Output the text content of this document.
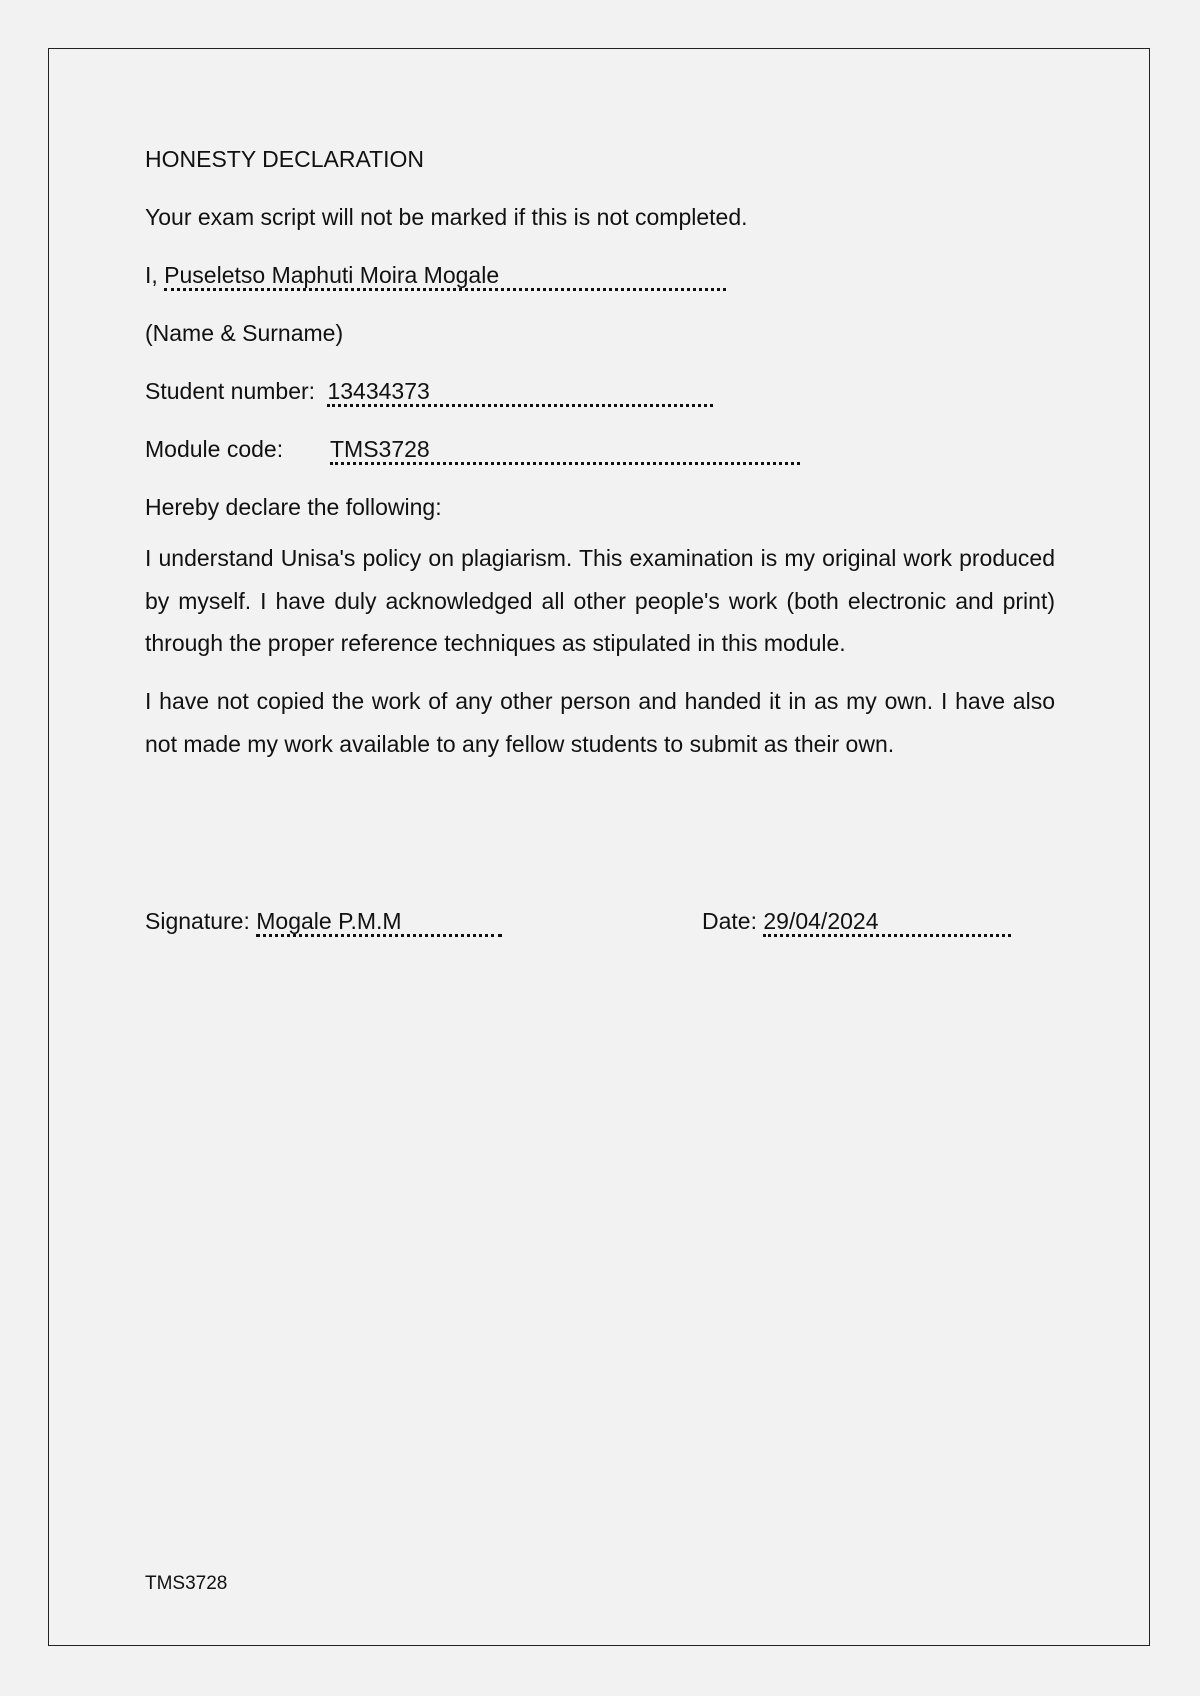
HONESTY DECLARATION
Your exam script will not be marked if this is not completed.
I, Puseletso Maphuti Moira Mogale
(Name & Surname)
Student number: 13434373
Module code: TMS3728
Hereby declare the following:
I understand Unisa's policy on plagiarism. This examination is my original work produced by myself. I have duly acknowledged all other people's work (both electronic and print) through the proper reference techniques as stipulated in this module.
I have not copied the work of any other person and handed it in as my own. I have also not made my work available to any fellow students to submit as their own.
Signature: Mogale P.M.M	Date: 29/04/2024
TMS3728
